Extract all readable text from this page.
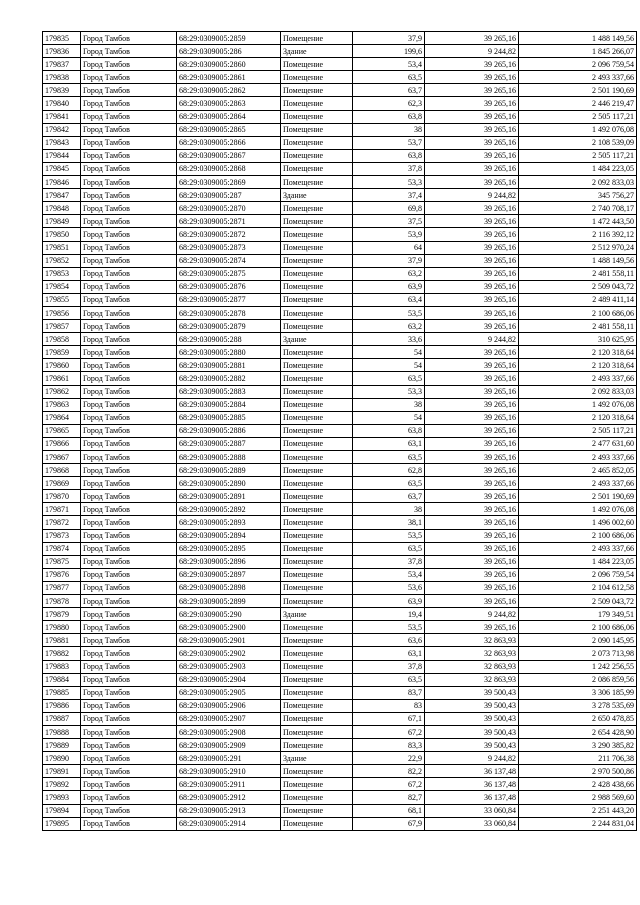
179835	Город Тамбов	68:29:0309005:2859	Помещение	37,9	39 265,16	1 488 149,56
179836	Город Тамбов	68:29:0309005:286	Здание	199,6	9 244,82	1 845 266,07
179837	Город Тамбов	68:29:0309005:2860	Помещение	53,4	39 265,16	2 096 759,54
179838	Город Тамбов	68:29:0309005:2861	Помещение	63,5	39 265,16	2 493 337,66
179839	Город Тамбов	68:29:0309005:2862	Помещение	63,7	39 265,16	2 501 190,69
179840	Город Тамбов	68:29:0309005:2863	Помещение	62,3	39 265,16	2 446 219,47
179841	Город Тамбов	68:29:0309005:2864	Помещение	63,8	39 265,16	2 505 117,21
179842	Город Тамбов	68:29:0309005:2865	Помещение	38	39 265,16	1 492 076,08
179843	Город Тамбов	68:29:0309005:2866	Помещение	53,7	39 265,16	2 108 539,09
179844	Город Тамбов	68:29:0309005:2867	Помещение	63,8	39 265,16	2 505 117,21
179845	Город Тамбов	68:29:0309005:2868	Помещение	37,8	39 265,16	1 484 223,05
179846	Город Тамбов	68:29:0309005:2869	Помещение	53,3	39 265,16	2 092 833,03
179847	Город Тамбов	68:29:0309005:287	Здание	37,4	9 244,82	345 756,27
179848	Город Тамбов	68:29:0309005:2870	Помещение	69,8	39 265,16	2 740 708,17
179849	Город Тамбов	68:29:0309005:2871	Помещение	37,5	39 265,16	1 472 443,50
179850	Город Тамбов	68:29:0309005:2872	Помещение	53,9	39 265,16	2 116 392,12
179851	Город Тамбов	68:29:0309005:2873	Помещение	64	39 265,16	2 512 970,24
179852	Город Тамбов	68:29:0309005:2874	Помещение	37,9	39 265,16	1 488 149,56
179853	Город Тамбов	68:29:0309005:2875	Помещение	63,2	39 265,16	2 481 558,11
179854	Город Тамбов	68:29:0309005:2876	Помещение	63,9	39 265,16	2 509 043,72
179855	Город Тамбов	68:29:0309005:2877	Помещение	63,4	39 265,16	2 489 411,14
179856	Город Тамбов	68:29:0309005:2878	Помещение	53,5	39 265,16	2 100 686,06
179857	Город Тамбов	68:29:0309005:2879	Помещение	63,2	39 265,16	2 481 558,11
179858	Город Тамбов	68:29:0309005:288	Здание	33,6	9 244,82	310 625,95
179859	Город Тамбов	68:29:0309005:2880	Помещение	54	39 265,16	2 120 318,64
179860	Город Тамбов	68:29:0309005:2881	Помещение	54	39 265,16	2 120 318,64
179861	Город Тамбов	68:29:0309005:2882	Помещение	63,5	39 265,16	2 493 337,66
179862	Город Тамбов	68:29:0309005:2883	Помещение	53,3	39 265,16	2 092 833,03
179863	Город Тамбов	68:29:0309005:2884	Помещение	38	39 265,16	1 492 076,08
179864	Город Тамбов	68:29:0309005:2885	Помещение	54	39 265,16	2 120 318,64
179865	Город Тамбов	68:29:0309005:2886	Помещение	63,8	39 265,16	2 505 117,21
179866	Город Тамбов	68:29:0309005:2887	Помещение	63,1	39 265,16	2 477 631,60
179867	Город Тамбов	68:29:0309005:2888	Помещение	63,5	39 265,16	2 493 337,66
179868	Город Тамбов	68:29:0309005:2889	Помещение	62,8	39 265,16	2 465 852,05
179869	Город Тамбов	68:29:0309005:2890	Помещение	63,5	39 265,16	2 493 337,66
179870	Город Тамбов	68:29:0309005:2891	Помещение	63,7	39 265,16	2 501 190,69
179871	Город Тамбов	68:29:0309005:2892	Помещение	38	39 265,16	1 492 076,08
179872	Город Тамбов	68:29:0309005:2893	Помещение	38,1	39 265,16	1 496 002,60
179873	Город Тамбов	68:29:0309005:2894	Помещение	53,5	39 265,16	2 100 686,06
179874	Город Тамбов	68:29:0309005:2895	Помещение	63,5	39 265,16	2 493 337,66
179875	Город Тамбов	68:29:0309005:2896	Помещение	37,8	39 265,16	1 484 223,05
179876	Город Тамбов	68:29:0309005:2897	Помещение	53,4	39 265,16	2 096 759,54
179877	Город Тамбов	68:29:0309005:2898	Помещение	53,6	39 265,16	2 104 612,58
179878	Город Тамбов	68:29:0309005:2899	Помещение	63,9	39 265,16	2 509 043,72
179879	Город Тамбов	68:29:0309005:290	Здание	19,4	9 244,82	179 349,51
179880	Город Тамбов	68:29:0309005:2900	Помещение	53,5	39 265,16	2 100 686,06
179881	Город Тамбов	68:29:0309005:2901	Помещение	63,6	32 863,93	2 090 145,95
179882	Город Тамбов	68:29:0309005:2902	Помещение	63,1	32 863,93	2 073 713,98
179883	Город Тамбов	68:29:0309005:2903	Помещение	37,8	32 863,93	1 242 256,55
179884	Город Тамбов	68:29:0309005:2904	Помещение	63,5	32 863,93	2 086 859,56
179885	Город Тамбов	68:29:0309005:2905	Помещение	83,7	39 500,43	3 306 185,99
179886	Город Тамбов	68:29:0309005:2906	Помещение	83	39 500,43	3 278 535,69
179887	Город Тамбов	68:29:0309005:2907	Помещение	67,1	39 500,43	2 650 478,85
179888	Город Тамбов	68:29:0309005:2908	Помещение	67,2	39 500,43	2 654 428,90
179889	Город Тамбов	68:29:0309005:2909	Помещение	83,3	39 500,43	3 290 385,82
179890	Город Тамбов	68:29:0309005:291	Здание	22,9	9 244,82	211 706,38
179891	Город Тамбов	68:29:0309005:2910	Помещение	82,2	36 137,48	2 970 500,86
179892	Город Тамбов	68:29:0309005:2911	Помещение	67,2	36 137,48	2 428 438,66
179893	Город Тамбов	68:29:0309005:2912	Помещение	82,7	36 137,48	2 988 569,60
179894	Город Тамбов	68:29:0309005:2913	Помещение	68,1	33 060,84	2 251 443,20
179895	Город Тамбов	68:29:0309005:2914	Помещение	67,9	33 060,84	2 244 831,04
